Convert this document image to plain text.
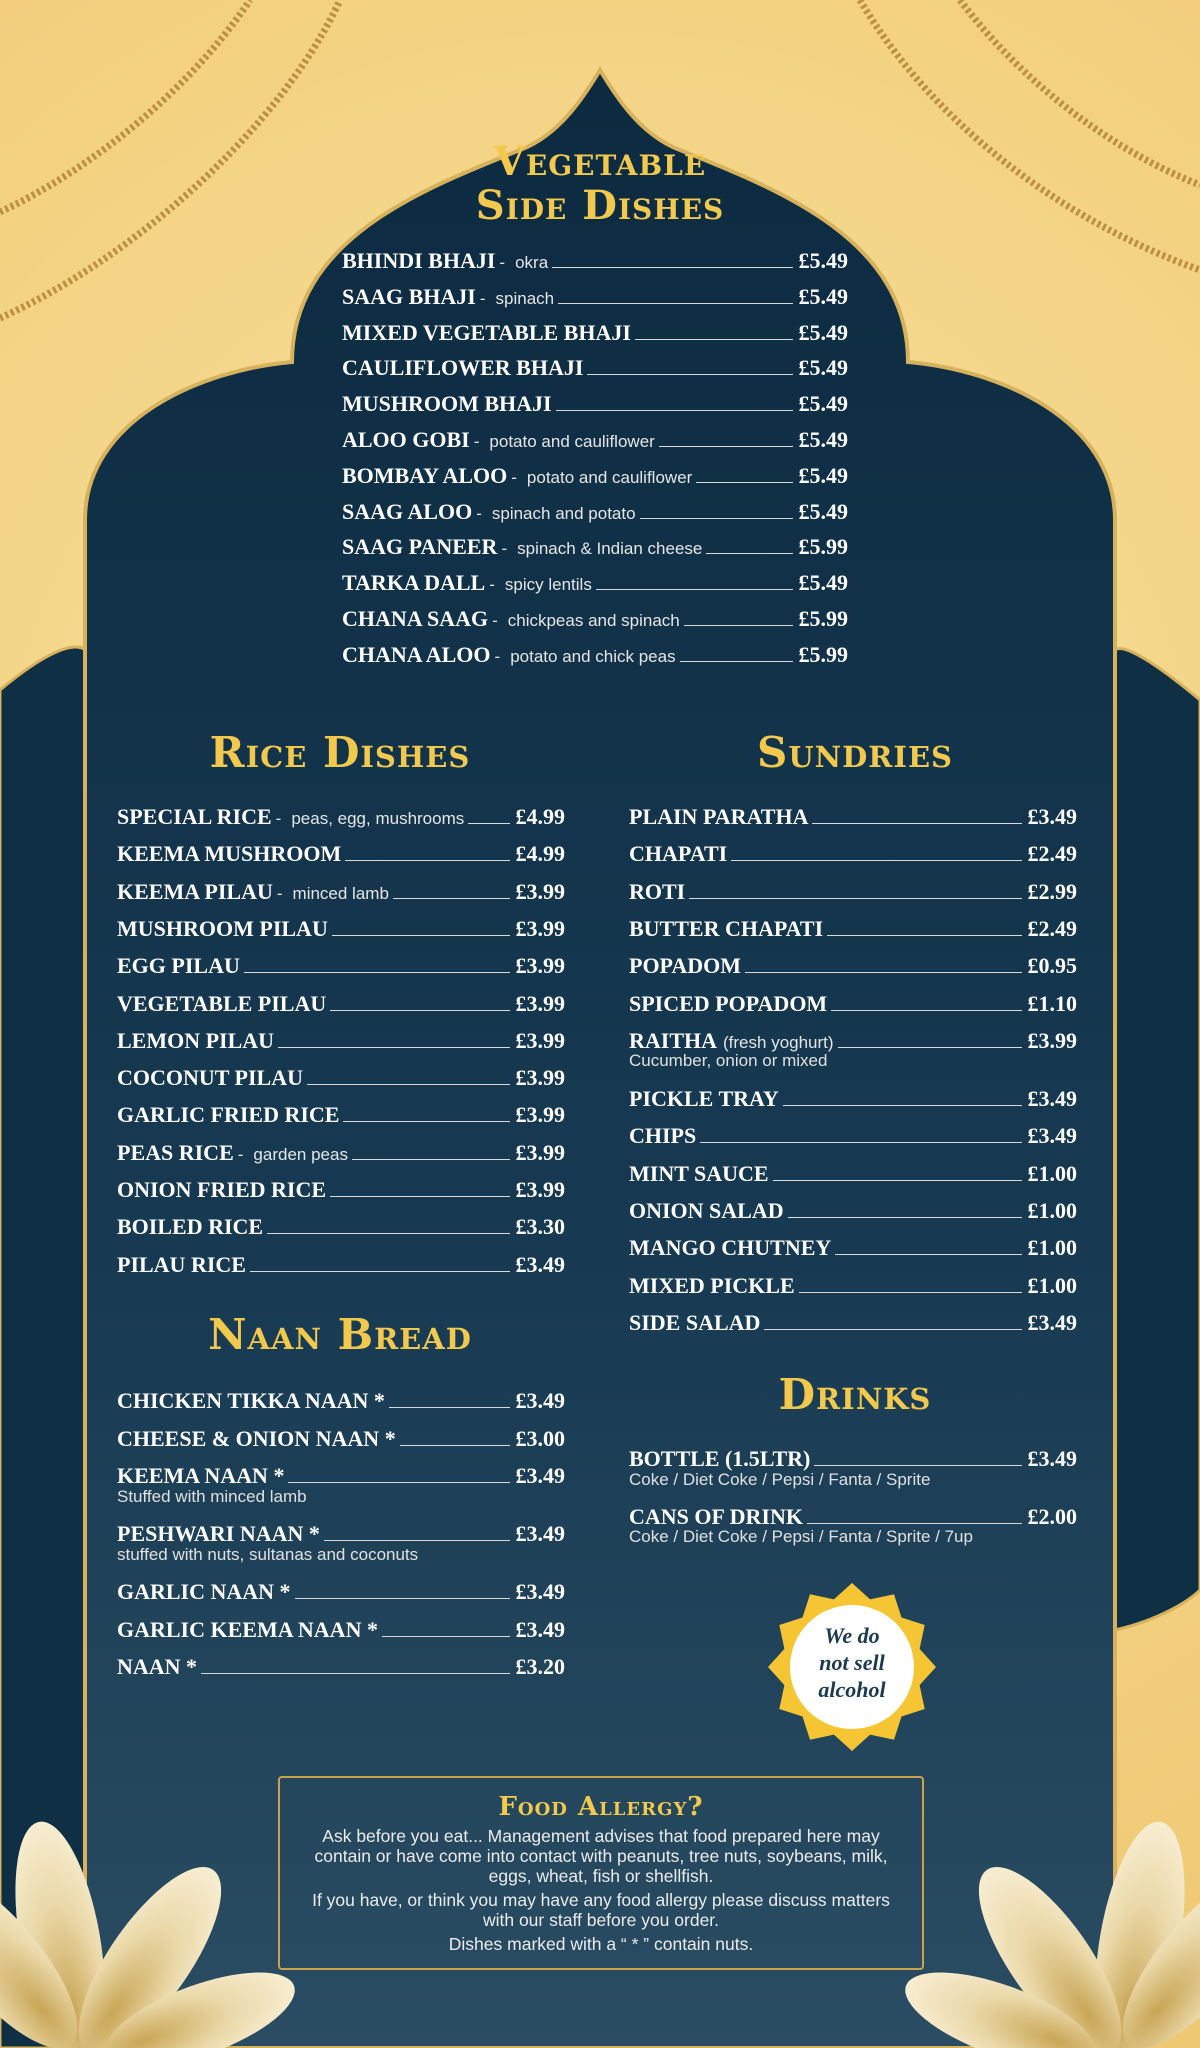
Vegetable
Side Dishes
BHINDI BHAJI - okra	£5.49
SAAG BHAJI - spinach	£5.49
MIXED VEGETABLE BHAJI	£5.49
CAULIFLOWER BHAJI	£5.49
MUSHROOM BHAJI	£5.49
ALOO GOBI - potato and cauliflower	£5.49
BOMBAY ALOO - potato and cauliflower	£5.49
SAAG ALOO - spinach and potato	£5.49
SAAG PANEER - spinach & Indian cheese	£5.99
TARKA DALL - spicy lentils	£5.49
CHANA SAAG - chickpeas and spinach	£5.99
CHANA ALOO - potato and chick peas	£5.99
Rice Dishes
SPECIAL RICE - peas, egg, mushrooms £4.99
KEEMA MUSHROOM	£4.99
KEEMA PILAU - minced lamb	£3.99
MUSHROOM PILAU	£3.99
EGG PILAU	£3.99
VEGETABLE PILAU	£3.99
LEMON PILAU	£3.99
COCONUT PILAU	£3.99
GARLIC FRIED RICE	£3.99
PEAS RICE - garden peas	£3.99
ONION FRIED RICE	£3.99
BOILED RICE	£3.30
PILAU RICE	£3.49
Naan Bread
CHICKEN TIKKA NAAN *	£3.49
CHEESE & ONION NAAN *	£3.00
KEEMA NAAN *	£3.49
Stuffed with minced lamb
PESHWARI NAAN *	£3.49
stuffed with nuts, sultanas and coconuts
GARLIC NAAN *	£3.49
GARLIC KEEMA NAAN *	£3.49
NAAN *	£3.20
Sundries
PLAIN PARATHA	£3.49
CHAPATI	£2.49
ROTI	£2.99
BUTTER CHAPATI	£2.49
POPADOM	£0.95
SPICED POPADOM	£1.10
RAITHA (fresh yoghurt)	£3.99
Cucumber, onion or mixed
PICKLE TRAY	£3.49
CHIPS	£3.49
MINT SAUCE	£1.00
ONION SALAD	£1.00
MANGO CHUTNEY	£1.00
MIXED PICKLE	£1.00
SIDE SALAD	£3.49
Drinks
BOTTLE (1.5LTR)	£3.49
Coke / Diet Coke / Pepsi / Fanta / Sprite
CANS OF DRINK	£2.00
Coke / Diet Coke / Pepsi / Fanta / Sprite / 7up
We do
not sell
alcohol
Food Allergy?

Ask before you eat... Management advises that food prepared here may contain or have come into contact with peanuts, tree nuts, soybeans, milk, eggs, wheat, fish or shellfish.

If you have, or think you may have any food allergy please discuss matters with our staff before you order.

Dishes marked with a “ * ” contain nuts.
